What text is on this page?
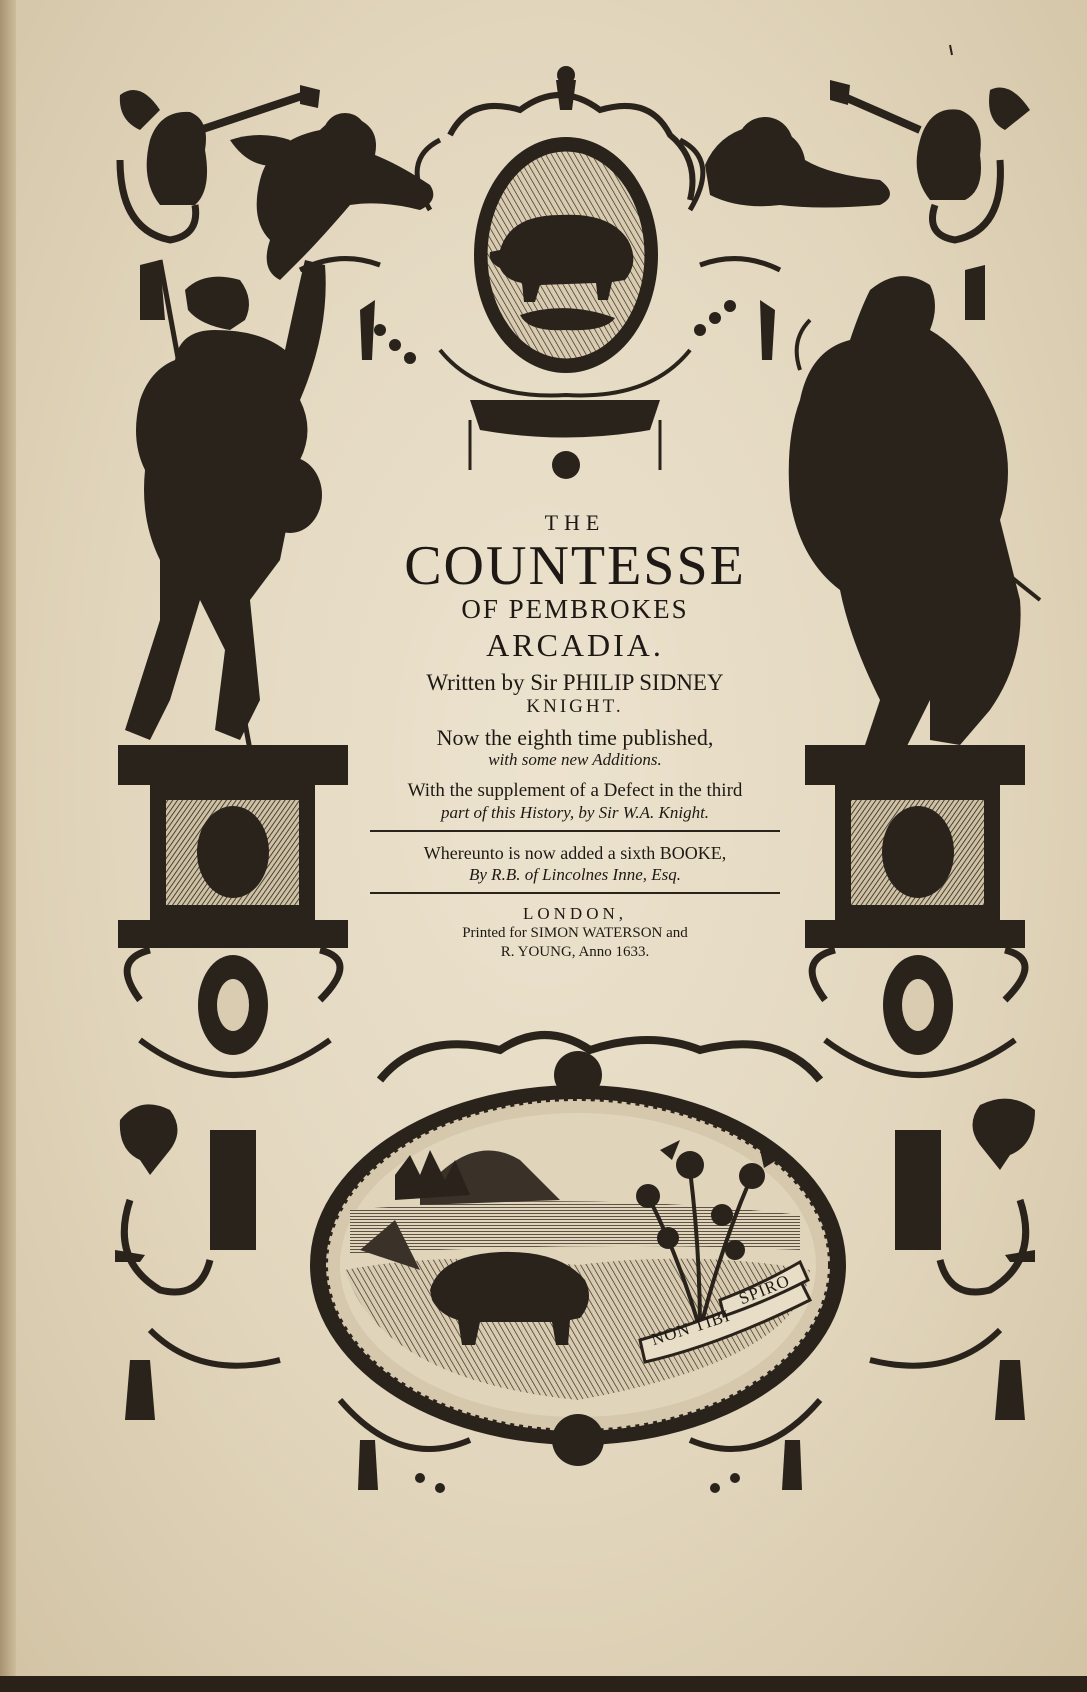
SPIRO
NON TIBI

THE

COUNTESSE

OF PEMBROKES

ARCADIA.

Written by Sir PHILIP SIDNEY

KNIGHT.

Now the eighth time published,

with some new Additions.

With the supplement of a Defect in the third

part of this History, by Sir W.A. Knight.

Whereunto is now added a sixth BOOKE,

By R.B. of Lincolnes Inne, Esq.

LONDON,

Printed for SIMON WATERSON and

R. YOUNG, Anno 1633.
